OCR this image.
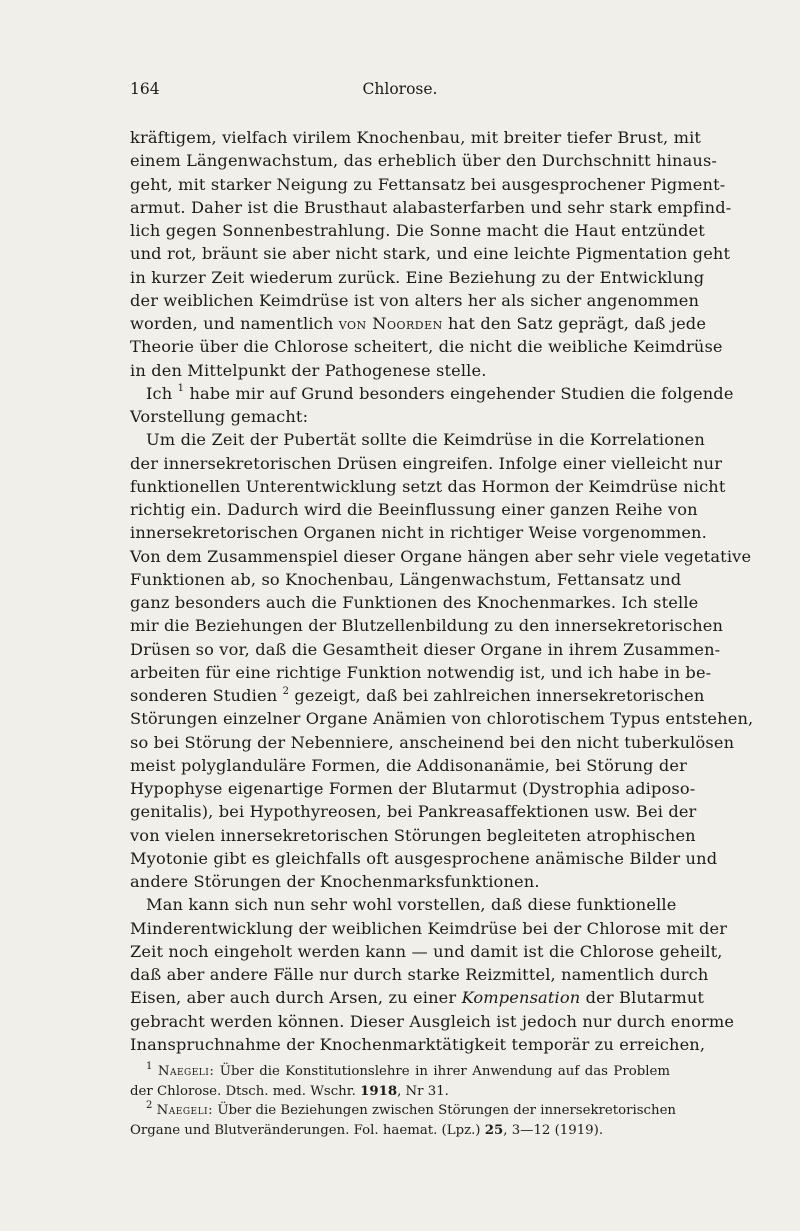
164	Chlorose.

kräftigem, vielfach virilem Knochenbau, mit breiter tiefer Brust, mit
einem Längenwachstum, das erheblich über den Durchschnitt hinaus-
geht, mit starker Neigung zu Fettansatz bei ausgesprochener Pigment-
armut. Daher ist die Brusthaut alabasterfarben und sehr stark empfind-
lich gegen Sonnenbestrahlung. Die Sonne macht die Haut entzündet
und rot, bräunt sie aber nicht stark, und eine leichte Pigmentation geht
in kurzer Zeit wiederum zurück. Eine Beziehung zu der Entwicklung
der weiblichen Keimdrüse ist von alters her als sicher angenommen
worden, und namentlich von Noorden hat den Satz geprägt, daß jede
Theorie über die Chlorose scheitert, die nicht die weibliche Keimdrüse
in den Mittelpunkt der Pathogenese stelle.

Ich $^1$ habe mir auf Grund besonders eingehender Studien die folgende
Vorstellung gemacht:

Um die Zeit der Pubertät sollte die Keimdrüse in die Korrelationen
der innersekretorischen Drüsen eingreifen. Infolge einer vielleicht nur
funktionellen Unterentwicklung setzt das Hormon der Keimdrüse nicht
richtig ein. Dadurch wird die Beeinflussung einer ganzen Reihe von
innersekretorischen Organen nicht in richtiger Weise vorgenommen.
Von dem Zusammenspiel dieser Organe hängen aber sehr viele vegetative
Funktionen ab, so Knochenbau, Längenwachstum, Fettansatz und
ganz besonders auch die Funktionen des Knochenmarkes. Ich stelle
mir die Beziehungen der Blutzellenbildung zu den innersekretorischen
Drüsen so vor, daß die Gesamtheit dieser Organe in ihrem Zusammen-
arbeiten für eine richtige Funktion notwendig ist, und ich habe in be-
sonderen Studien $^2$ gezeigt, daß bei zahlreichen innersekretorischen
Störungen einzelner Organe Anämien von chlorotischem Typus entstehen,
so bei Störung der Nebenniere, anscheinend bei den nicht tuberkulösen
meist polyglanduläre Formen, die Addisonanämie, bei Störung der
Hypophyse eigenartige Formen der Blutarmut (Dystrophia adiposo-
genitalis), bei Hypothyreosen, bei Pankreasaffektionen usw. Bei der
von vielen innersekretorischen Störungen begleiteten atrophischen
Myotonie gibt es gleichfalls oft ausgesprochene anämische Bilder und
andere Störungen der Knochenmarksfunktionen.

Man kann sich nun sehr wohl vorstellen, daß diese funktionelle
Minderentwicklung der weiblichen Keimdrüse bei der Chlorose mit der
Zeit noch eingeholt werden kann — und damit ist die Chlorose geheilt,
daß aber andere Fälle nur durch starke Reizmittel, namentlich durch
Eisen, aber auch durch Arsen, zu einer Kompensation der Blutarmut
gebracht werden können. Dieser Ausgleich ist jedoch nur durch enorme
Inanspruchnahme der Knochenmarktätigkeit temporär zu erreichen,

$^1$ Naegeli: Über die Konstitutionslehre in ihrer Anwendung auf das Problem
der Chlorose. Dtsch. med. Wschr. 1918, Nr 31.

$^2$ Naegeli: Über die Beziehungen zwischen Störungen der innersekretorischen
Organe und Blutveränderungen. Fol. haemat. (Lpz.) 25, 3—12 (1919).
